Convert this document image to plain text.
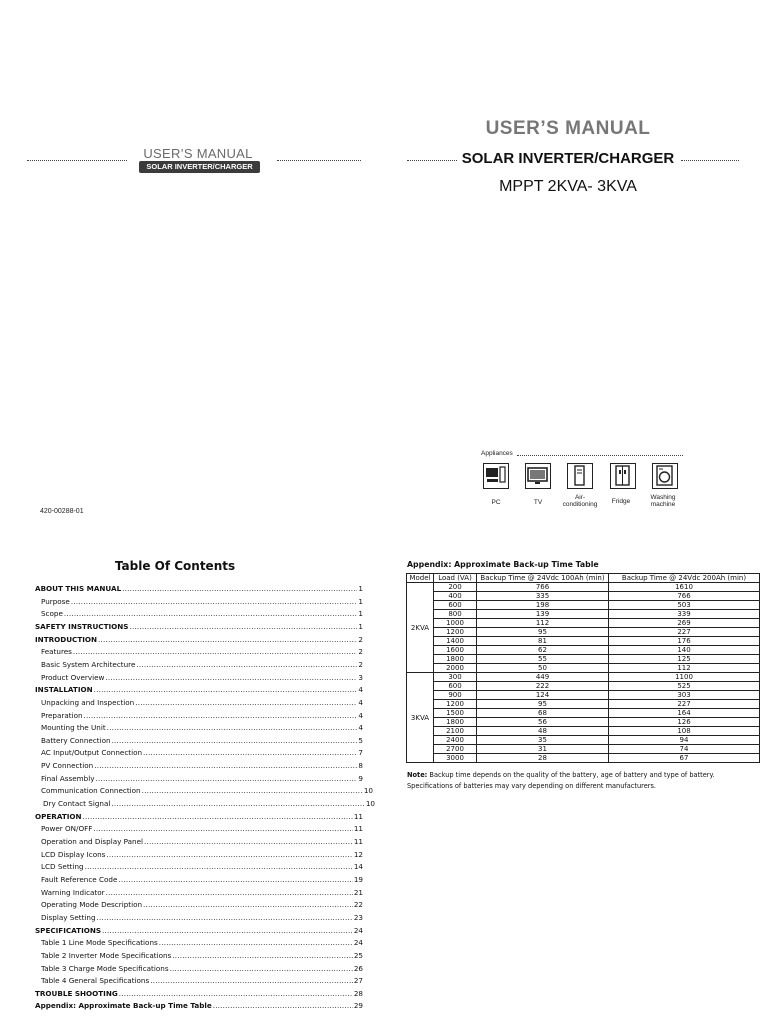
USER’S MANUAL
SOLAR INVERTER/CHARGER
420-00288-01
USER’S MANUAL
SOLAR INVERTER/CHARGER
MPPT 2KVA- 3KVA
Appliances
PC	TV
Air-
conditioning	Fridge
Washing
machine
Table Of Contents
ABOUT THIS MANUAL .....	1
Purpose .....	1
Scope .....	1
SAFETY INSTRUCTIONS .....	1
INTRODUCTION .....	2
Features .....	2
Basic System Architecture .....	2
Product Overview .....	3
INSTALLATION .....	4
Unpacking and Inspection .....	4
Preparation .....	4
Mounting the Unit .....	4
Battery Connection .....	5
AC Input/Output Connection .....	7
PV Connection .....	8
Final Assembly .....	9
Communication Connection .....	10
Dry Contact Signal .....	10
OPERATION .....	11
Power ON/OFF .....	11
Operation and Display Panel .....	11
LCD Display Icons .....	12
LCD Setting .....	14
Fault Reference Code .....	19
Warning Indicator .....	21
Operating Mode Description .....	22
Display Setting .....	23
SPECIFICATIONS .....	24
Table 1 Line Mode Specifications .....	24
Table 2 Inverter Mode Specifications .....	25
Table 3 Charge Mode Specifications .....	26
Table 4 General Specifications .....	27
TROUBLE SHOOTING .....	28
Appendix: Approximate Back-up Time Table .....	29
Appendix: Approximate Back-up Time Table
Model	Load (VA)	Backup Time @ 24Vdc 100Ah (min)	Backup Time @ 24Vdc 200Ah (min)
2KVA	200	766	1610
	400	335	766
	600	198	503
	800	139	339
	1000	112	269
	1200	95	227
	1400	81	176
	1600	62	140
	1800	55	125
	2000	50	112
3KVA	300	449	1100
	600	222	525
	900	124	303
	1200	95	227
	1500	68	164
	1800	56	126
	2100	48	108
	2400	35	94
	2700	31	74
	3000	28	67
Note: Backup time depends on the quality of the battery, age of battery and type of battery.
Specifications of batteries may vary depending on different manufacturers.
